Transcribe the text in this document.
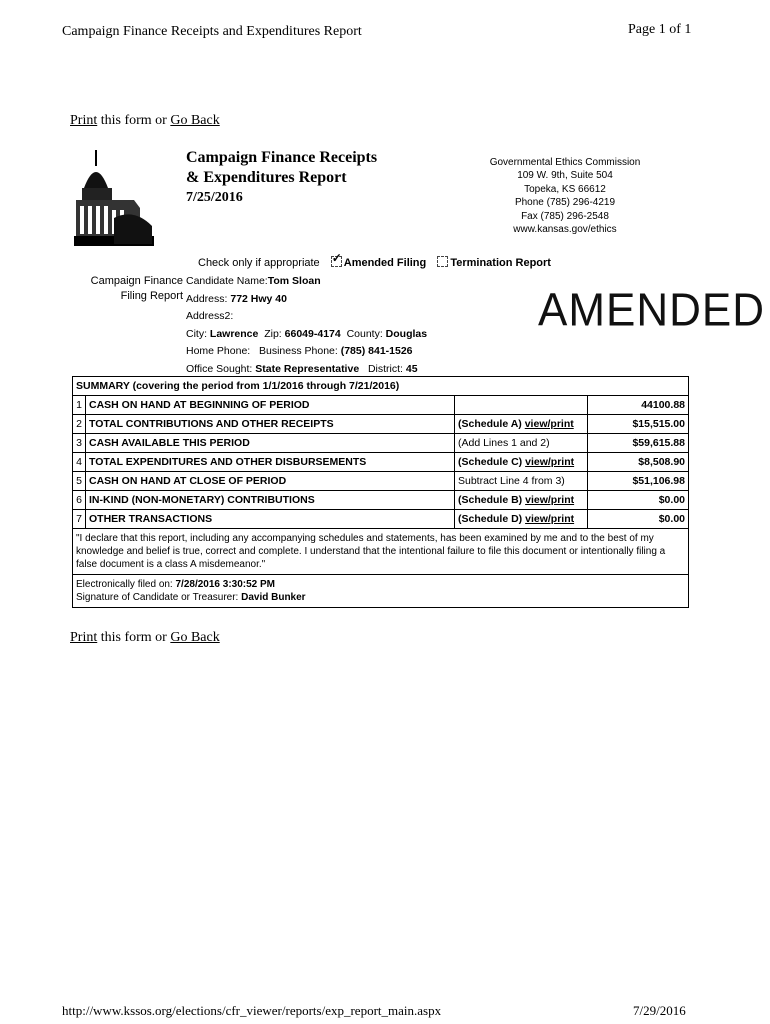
Campaign Finance Receipts and Expenditures Report	Page 1 of 1
Print this form or Go Back
Campaign Finance Receipts
& Expenditures Report
7/25/2016
Governmental Ethics Commission
109 W. 9th, Suite 504
Topeka, KS 66612
Phone (785) 296-4219
Fax (785) 296-2548
www.kansas.gov/ethics
Check only if appropriate ✓ Amended Filing Termination Report
Campaign Finance
Filing Report
Candidate Name:Tom Sloan
Address: 772 Hwy 40
Address2:
City: Lawrence Zip: 66049-4174 County: Douglas
Home Phone: Business Phone: (785) 841-1526
Office Sought: State Representative District: 45
AMENDED
SUMMARY (covering the period from 1/1/2016 through 7/21/2016)			
1	CASH ON HAND AT BEGINNING OF PERIOD		44100.88
2	TOTAL CONTRIBUTIONS AND OTHER RECEIPTS	(Schedule A) view/print	$15,515.00
3	CASH AVAILABLE THIS PERIOD	(Add Lines 1 and 2)	$59,615.88
4	TOTAL EXPENDITURES AND OTHER DISBURSEMENTS	(Schedule C) view/print	$8,508.90
5	CASH ON HAND AT CLOSE OF PERIOD	Subtract Line 4 from 3)	$51,106.98
6	IN-KIND (NON-MONETARY) CONTRIBUTIONS	(Schedule B) view/print	$0.00
7	OTHER TRANSACTIONS	(Schedule D) view/print	$0.00
"I declare that this report, including any accompanying schedules and statements, has been examined by me and to the best of my knowledge and belief is true, correct and complete. I understand that the intentional failure to file this document or intentionally filing a false document is a class A misdemeanor."			

Electronically filed on: 7/28/2016 3:30:52 PM
Signature of Candidate or Treasurer: David Bunker			
Print this form or Go Back
http://www.kssos.org/elections/cfr_viewer/reports/exp_report_main.aspx	7/29/2016
